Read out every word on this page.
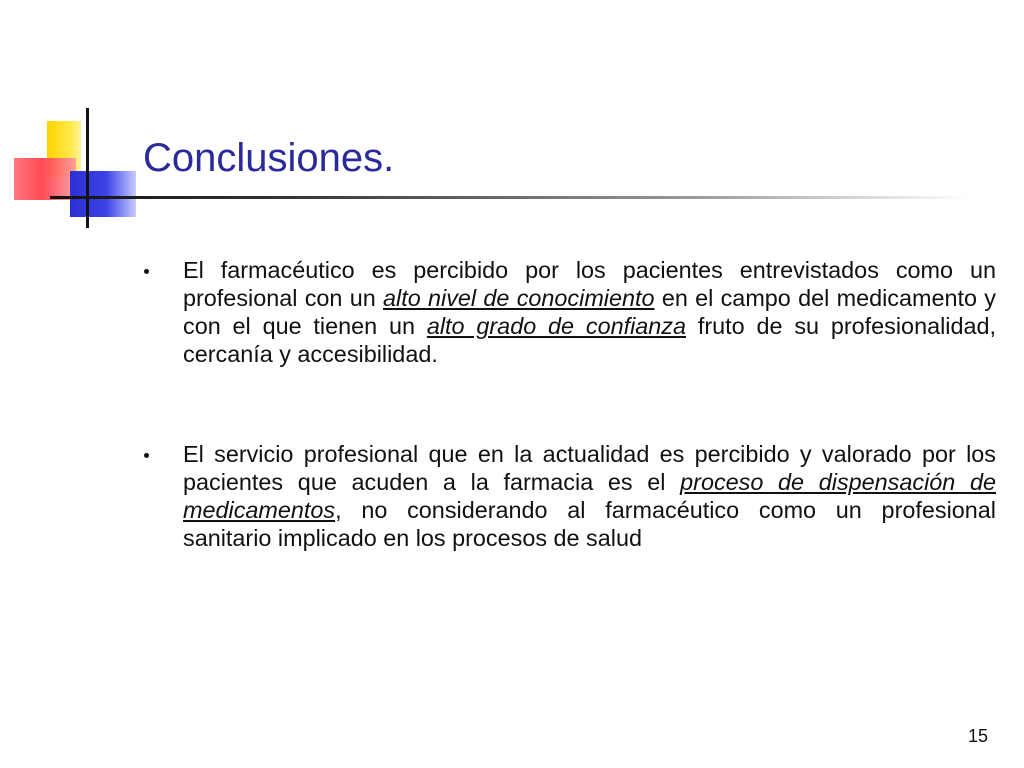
Conclusiones.

El farmacéutico es percibido por los pacientes entrevistados como un profesional con un alto nivel de conocimiento en el campo del medicamento y con el que tienen un alto grado de confianza fruto de su profesionalidad, cercanía y accesibilidad.

El servicio profesional que en la actualidad es percibido y valorado por los pacientes que acuden a la farmacia es el proceso de dispensación de medicamentos, no considerando al farmacéutico como un profesional sanitario implicado en los procesos de salud

15
